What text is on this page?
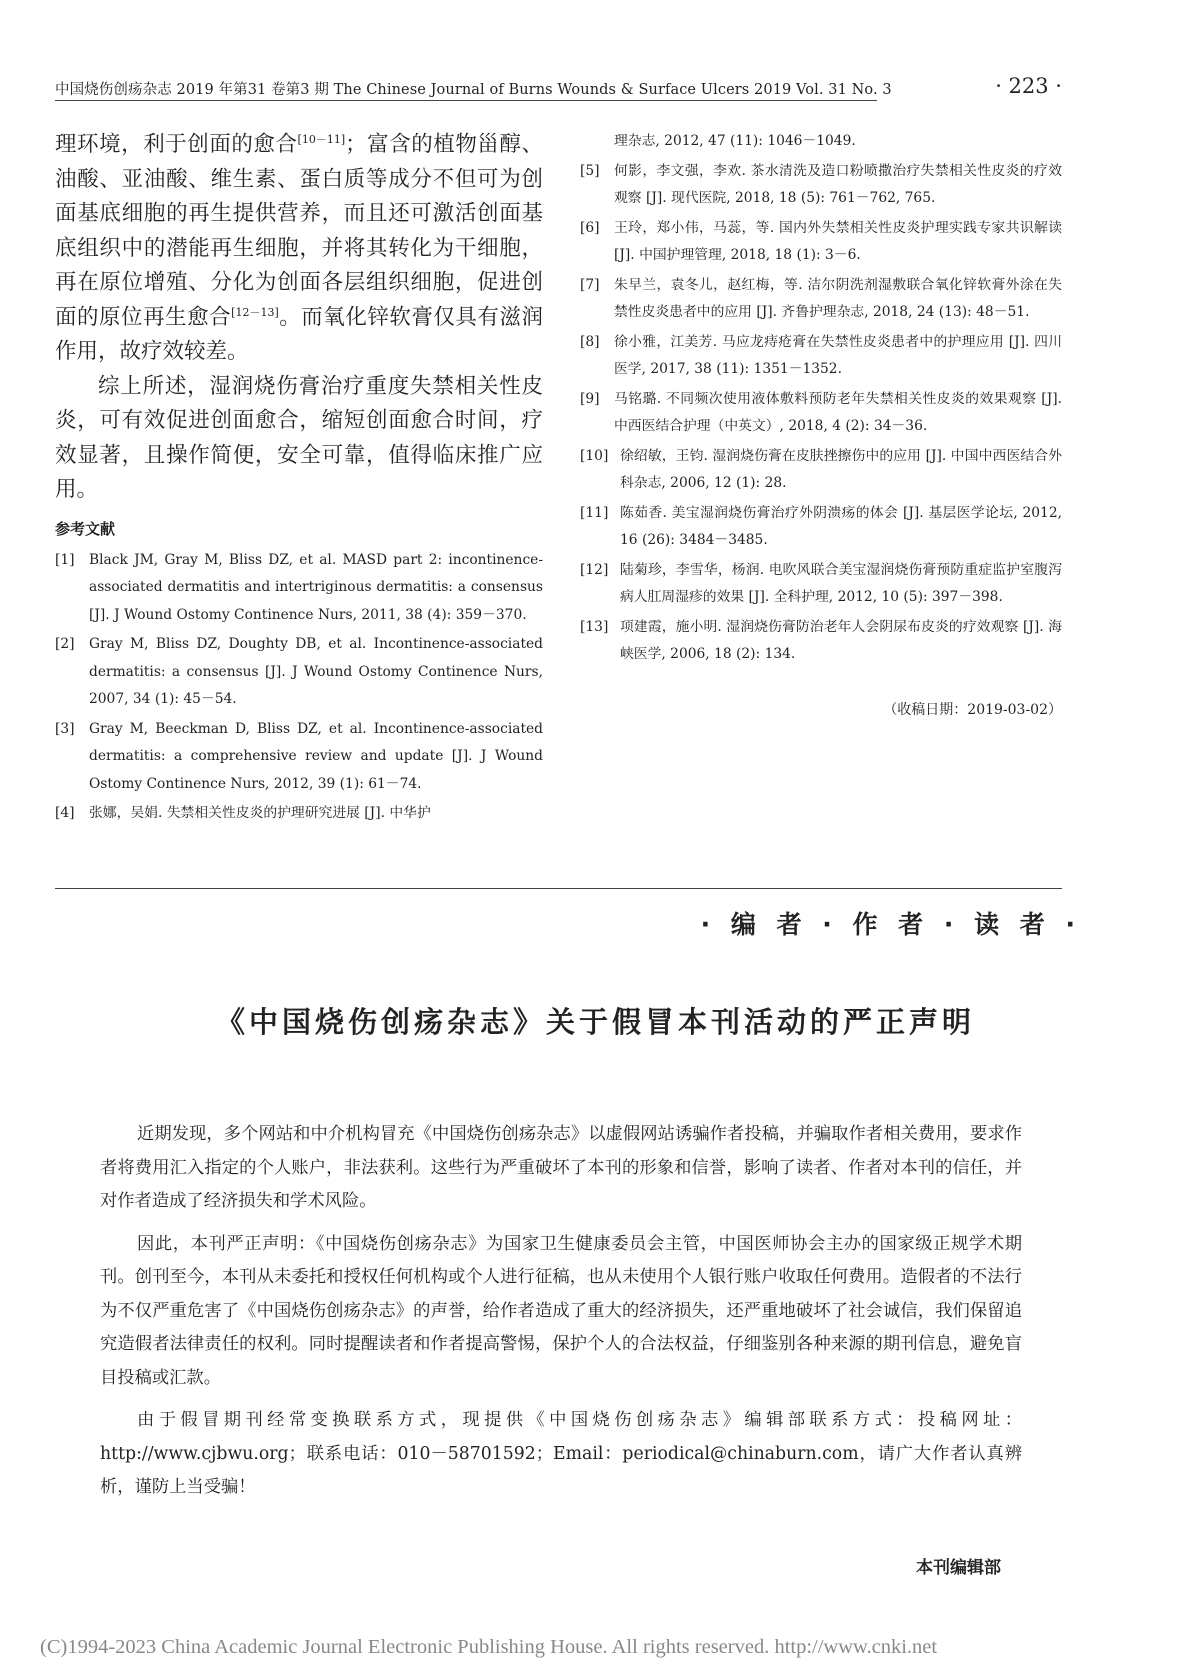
中国烧伤创疡杂志 2019 年第31 卷第3 期 The Chinese Journal of Burns Wounds & Surface Ulcers 2019 Vol. 31 No. 3	· 223 ·

理环境，利于创面的愈合[10－11]；富含的植物甾醇、油酸、亚油酸、维生素、蛋白质等成分不但可为创面基底细胞的再生提供营养，而且还可激活创面基底组织中的潜能再生细胞，并将其转化为干细胞，再在原位增殖、分化为创面各层组织细胞，促进创面的原位再生愈合[12－13]。而氧化锌软膏仅具有滋润作用，故疗效较差。

综上所述，湿润烧伤膏治疗重度失禁相关性皮炎，可有效促进创面愈合，缩短创面愈合时间，疗效显著，且操作简便，安全可靠，值得临床推广应用。

参考文献
[1] Black JM, Gray M, Bliss DZ, et al. MASD part 2: incontinence-associated dermatitis and intertriginous dermatitis: a consensus [J]. J Wound Ostomy Continence Nurs, 2011, 38 (4): 359－370.
[2] Gray M, Bliss DZ, Doughty DB, et al. Incontinence-associated dermatitis: a consensus [J]. J Wound Ostomy Continence Nurs, 2007, 34 (1): 45－54.
[3] Gray M, Beeckman D, Bliss DZ, et al. Incontinence-associated dermatitis: a comprehensive review and update [J]. J Wound Ostomy Continence Nurs, 2012, 39 (1): 61－74.
[4] 张娜，吴娟. 失禁相关性皮炎的护理研究进展 [J]. 中华护
理杂志, 2012, 47 (11): 1046－1049.
[5] 何影，李文强，李欢. 茶水清洗及造口粉喷撒治疗失禁相关性皮炎的疗效观察 [J]. 现代医院, 2018, 18 (5): 761－762, 765.
[6] 王玲，郑小伟，马蕊，等. 国内外失禁相关性皮炎护理实践专家共识解读 [J]. 中国护理管理, 2018, 18 (1): 3－6.
[7] 朱早兰，袁冬儿，赵红梅，等. 洁尔阴洗剂湿敷联合氧化锌软膏外涂在失禁性皮炎患者中的应用 [J]. 齐鲁护理杂志, 2018, 24 (13): 48－51.
[8] 徐小雅，江美芳. 马应龙痔疮膏在失禁性皮炎患者中的护理应用 [J]. 四川医学, 2017, 38 (11): 1351－1352.
[9] 马铭璐. 不同频次使用液体敷料预防老年失禁相关性皮炎的效果观察 [J]. 中西医结合护理（中英文）, 2018, 4 (2): 34－36.
[10] 徐绍敏，王钧. 湿润烧伤膏在皮肤挫擦伤中的应用 [J]. 中国中西医结合外科杂志, 2006, 12 (1): 28.
[11] 陈茹香. 美宝湿润烧伤膏治疗外阴溃疡的体会 [J]. 基层医学论坛, 2012, 16 (26): 3484－3485.
[12] 陆菊珍，李雪华，杨润. 电吹风联合美宝湿润烧伤膏预防重症监护室腹泻病人肛周湿疹的效果 [J]. 全科护理, 2012, 10 (5): 397－398.
[13] 项建霞，施小明. 湿润烧伤膏防治老年人会阴尿布皮炎的疗效观察 [J]. 海峡医学, 2006, 18 (2): 134.
（收稿日期：2019-03-02）
· 编 者 · 作 者 · 读 者 ·
《中国烧伤创疡杂志》关于假冒本刊活动的严正声明

近期发现，多个网站和中介机构冒充《中国烧伤创疡杂志》以虚假网站诱骗作者投稿，并骗取作者相关费用，要求作者将费用汇入指定的个人账户，非法获利。这些行为严重破坏了本刊的形象和信誉，影响了读者、作者对本刊的信任，并对作者造成了经济损失和学术风险。

因此，本刊严正声明：《中国烧伤创疡杂志》为国家卫生健康委员会主管，中国医师协会主办的国家级正规学术期刊。创刊至今，本刊从未委托和授权任何机构或个人进行征稿，也从未使用个人银行账户收取任何费用。造假者的不法行为不仅严重危害了《中国烧伤创疡杂志》的声誉，给作者造成了重大的经济损失，还严重地破坏了社会诚信，我们保留追究造假者法律责任的权利。同时提醒读者和作者提高警惕，保护个人的合法权益，仔细鉴别各种来源的期刊信息，避免盲目投稿或汇款。

由于假冒期刊经常变换联系方式，现提供《中国烧伤创疡杂志》编辑部联系方式：投稿网址：http://www.cjbwu.org；联系电话：010－58701592；Email：periodical@chinaburn.com，请广大作者认真辨析，谨防上当受骗！

本刊编辑部
(C)1994-2023 China Academic Journal Electronic Publishing House. All rights reserved. http://www.cnki.net
